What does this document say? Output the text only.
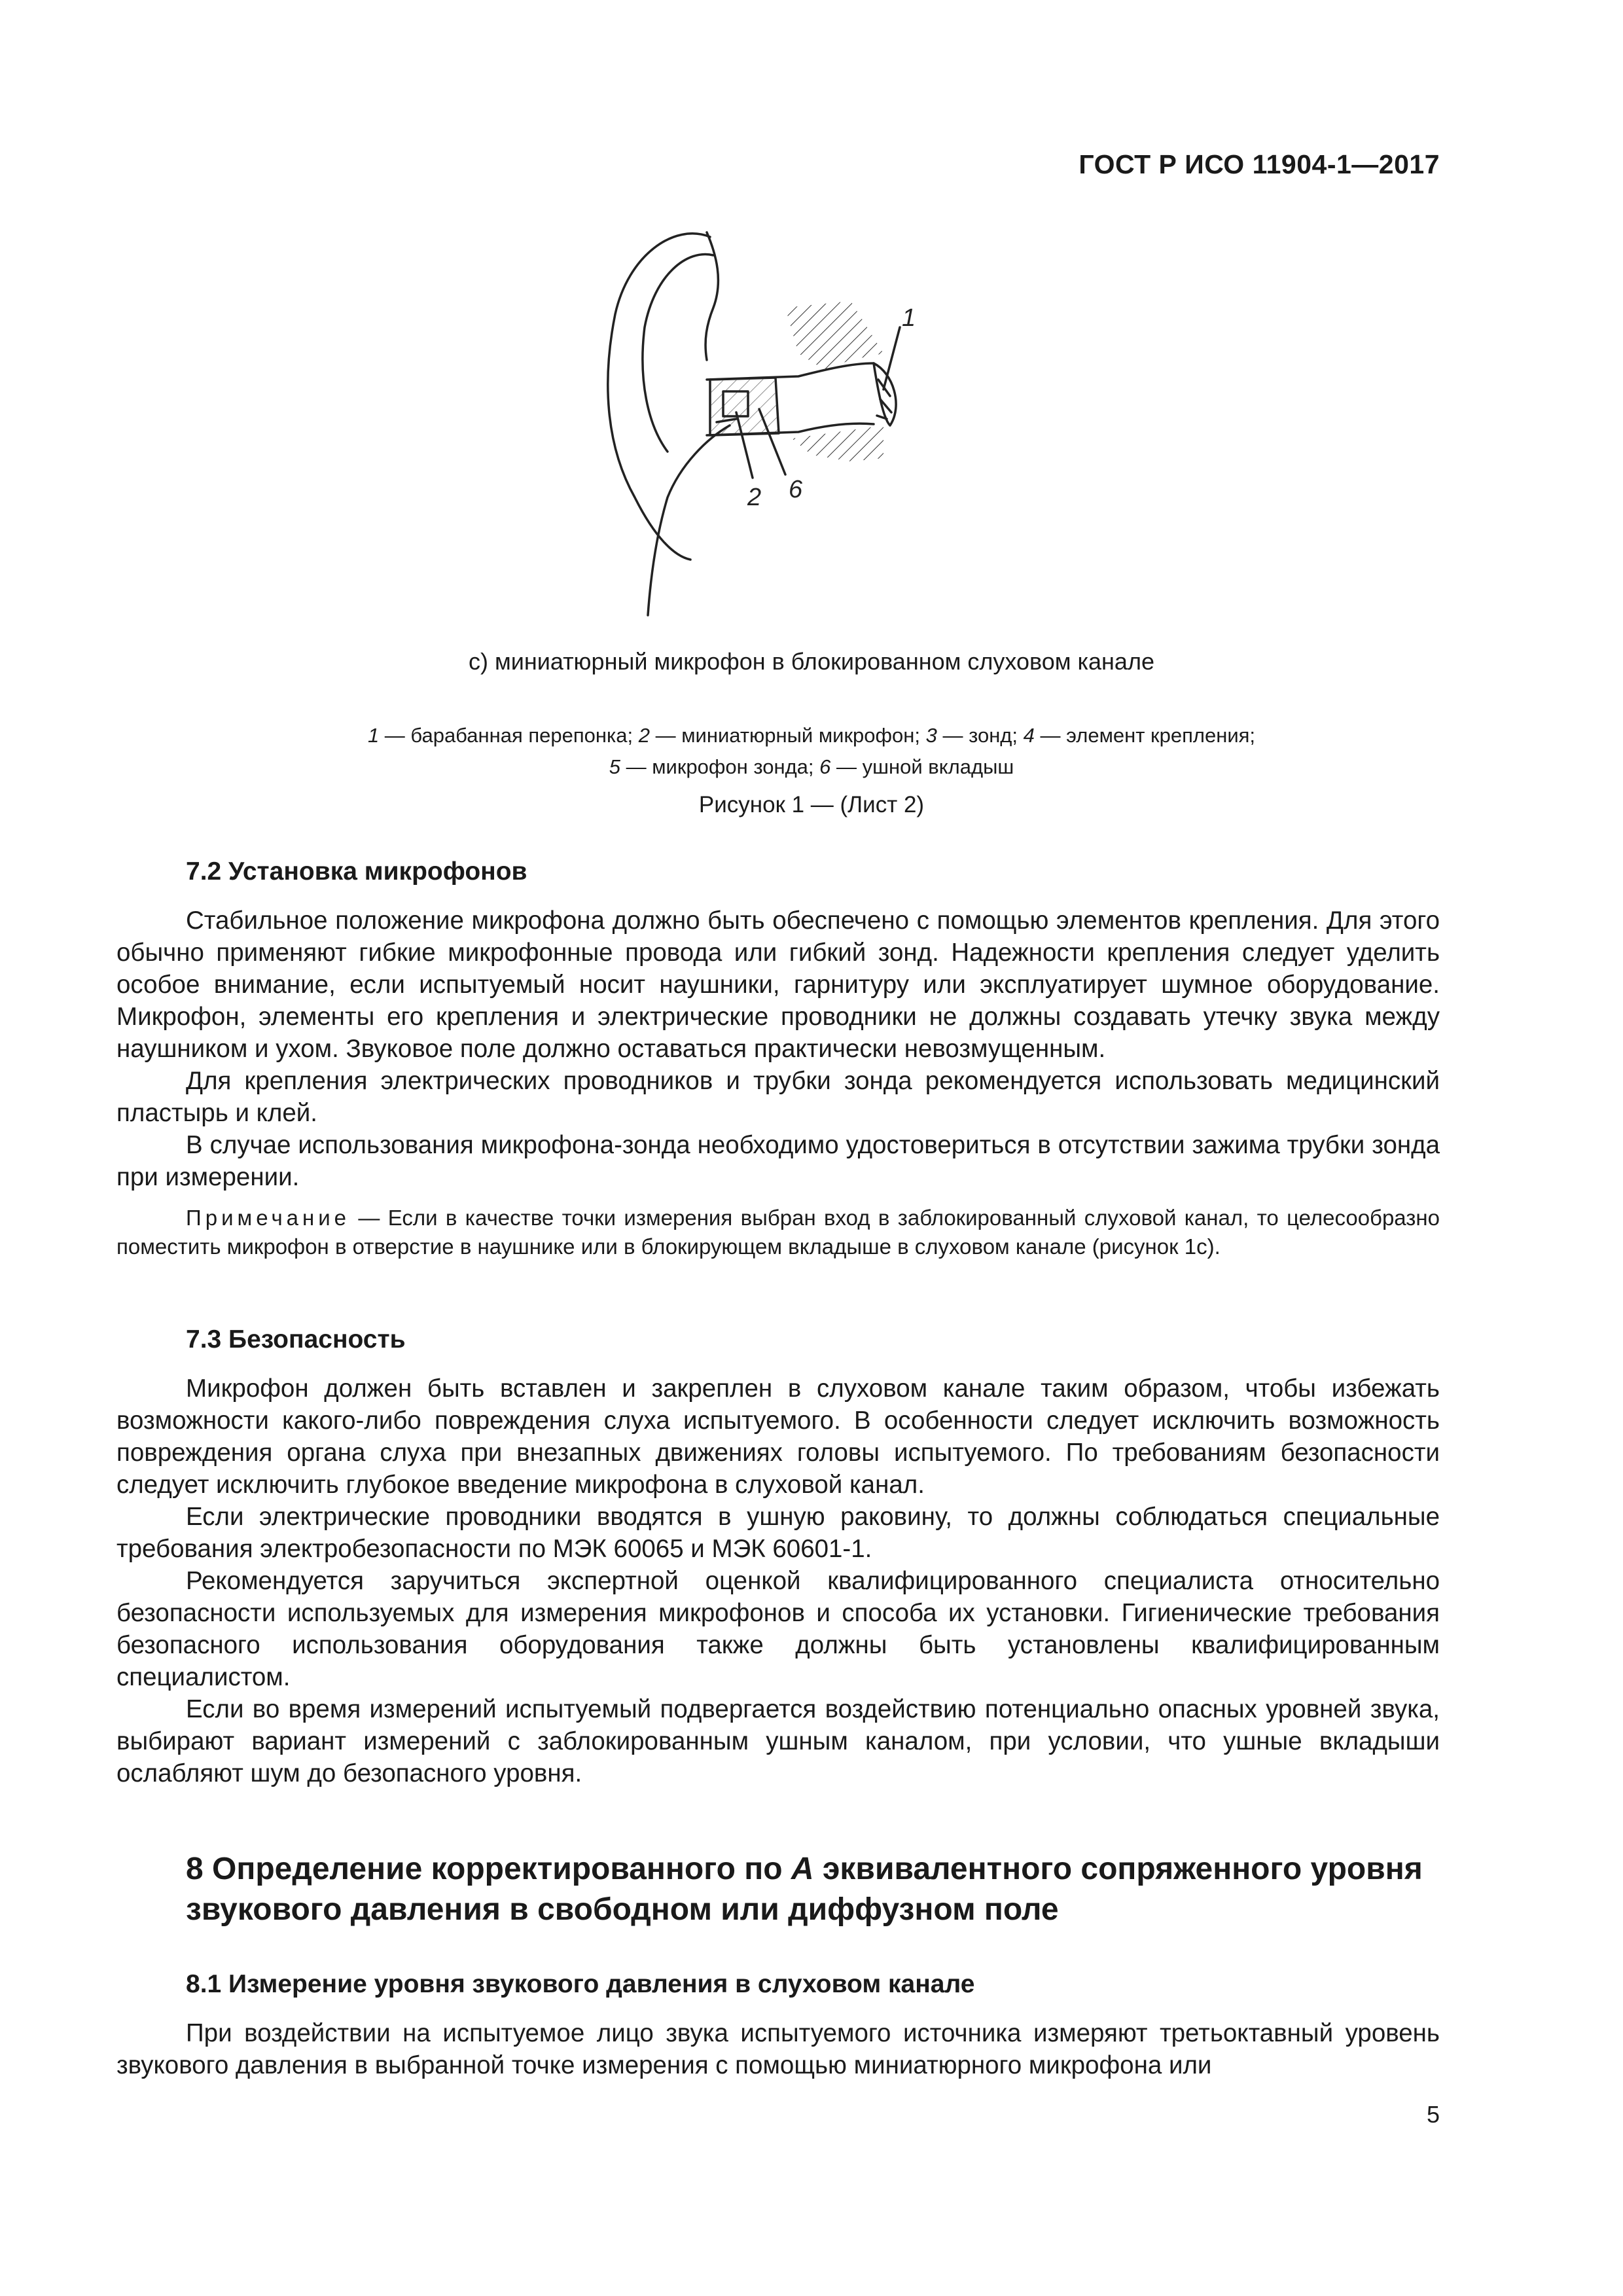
ГОСТ Р ИСО 11904-1—2017
1
2 6
с) миниатюрный микрофон в блокированном слуховом канале
1 — барабанная перепонка; 2 — миниатюрный микрофон; 3 — зонд; 4 — элемент крепления;
5 — микрофон зонда; 6 — ушной вкладыш
Рисунок 1 — (Лист 2)
7.2 Установка микрофонов

Стабильное положение микрофона должно быть обеспечено с помощью элементов крепления. Для этого обычно применяют гибкие микрофонные провода или гибкий зонд. Надежности крепления следует уделить особое внимание, если испытуемый носит наушники, гарнитуру или эксплуатирует шумное оборудование. Микрофон, элементы его крепления и электрические проводники не должны создавать утечку звука между наушником и ухом. Звуковое поле должно оставаться практически невозмущенным.

Для крепления электрических проводников и трубки зонда рекомендуется использовать медицинский пластырь и клей.

В случае использования микрофона-зонда необходимо удостовериться в отсутствии зажима трубки зонда при измерении.

Примечание — Если в качестве точки измерения выбран вход в заблокированный слуховой канал, то целесообразно поместить микрофон в отверстие в наушнике или в блокирующем вкладыше в слуховом канале (рисунок 1с).

7.3 Безопасность

Микрофон должен быть вставлен и закреплен в слуховом канале таким образом, чтобы избежать возможности какого-либо повреждения слуха испытуемого. В особенности следует исключить возможность повреждения органа слуха при внезапных движениях головы испытуемого. По требованиям безопасности следует исключить глубокое введение микрофона в слуховой канал.

Если электрические проводники вводятся в ушную раковину, то должны соблюдаться специальные требования электробезопасности по МЭК 60065 и МЭК 60601-1.

Рекомендуется заручиться экспертной оценкой квалифицированного специалиста относительно безопасности используемых для измерения микрофонов и способа их установки. Гигиенические требования безопасного использования оборудования также должны быть установлены квалифицированным специалистом.

Если во время измерений испытуемый подвергается воздействию потенциально опасных уровней звука, выбирают вариант измерений с заблокированным ушным каналом, при условии, что ушные вкладыши ослабляют шум до безопасного уровня.

8 Определение корректированного по А эквивалентного сопряженного уровня звукового давления в свободном или диффузном поле
8.1 Измерение уровня звукового давления в слуховом канале

При воздействии на испытуемое лицо звука испытуемого источника измеряют третьоктавный уровень звукового давления в выбранной точке измерения с помощью миниатюрного микрофона или

5
